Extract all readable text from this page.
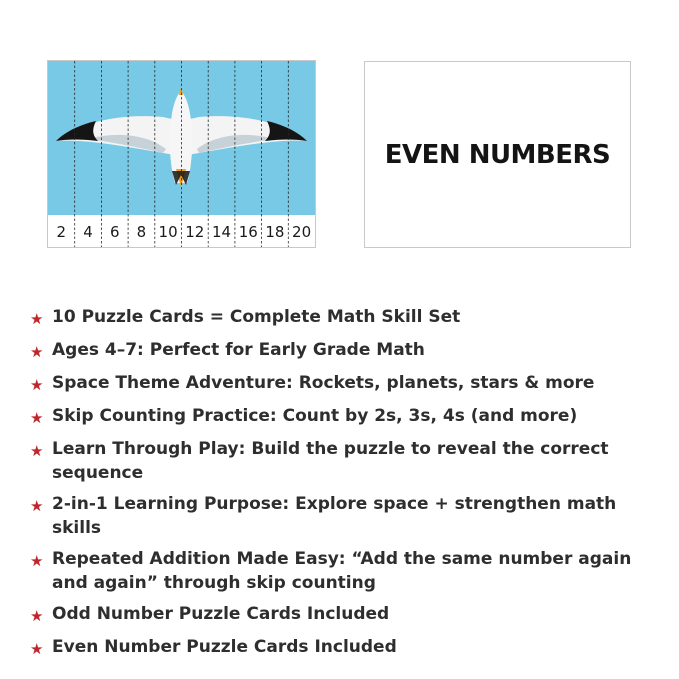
2 4 6 8 10 12 14 16 18 20
EVEN NUMBERS
★ 10 Puzzle Cards = Complete Math Skill Set
★ Ages 4–7: Perfect for Early Grade Math
★ Space Theme Adventure: Rockets, planets, stars & more
★ Skip Counting Practice: Count by 2s, 3s, 4s (and more)
★ Learn Through Play: Build the puzzle to reveal the correct sequence
★ 2-in-1 Learning Purpose: Explore space + strengthen math skills
★ Repeated Addition Made Easy: “Add the same number again and again” through skip counting
★ Odd Number Puzzle Cards Included
★ Even Number Puzzle Cards Included
